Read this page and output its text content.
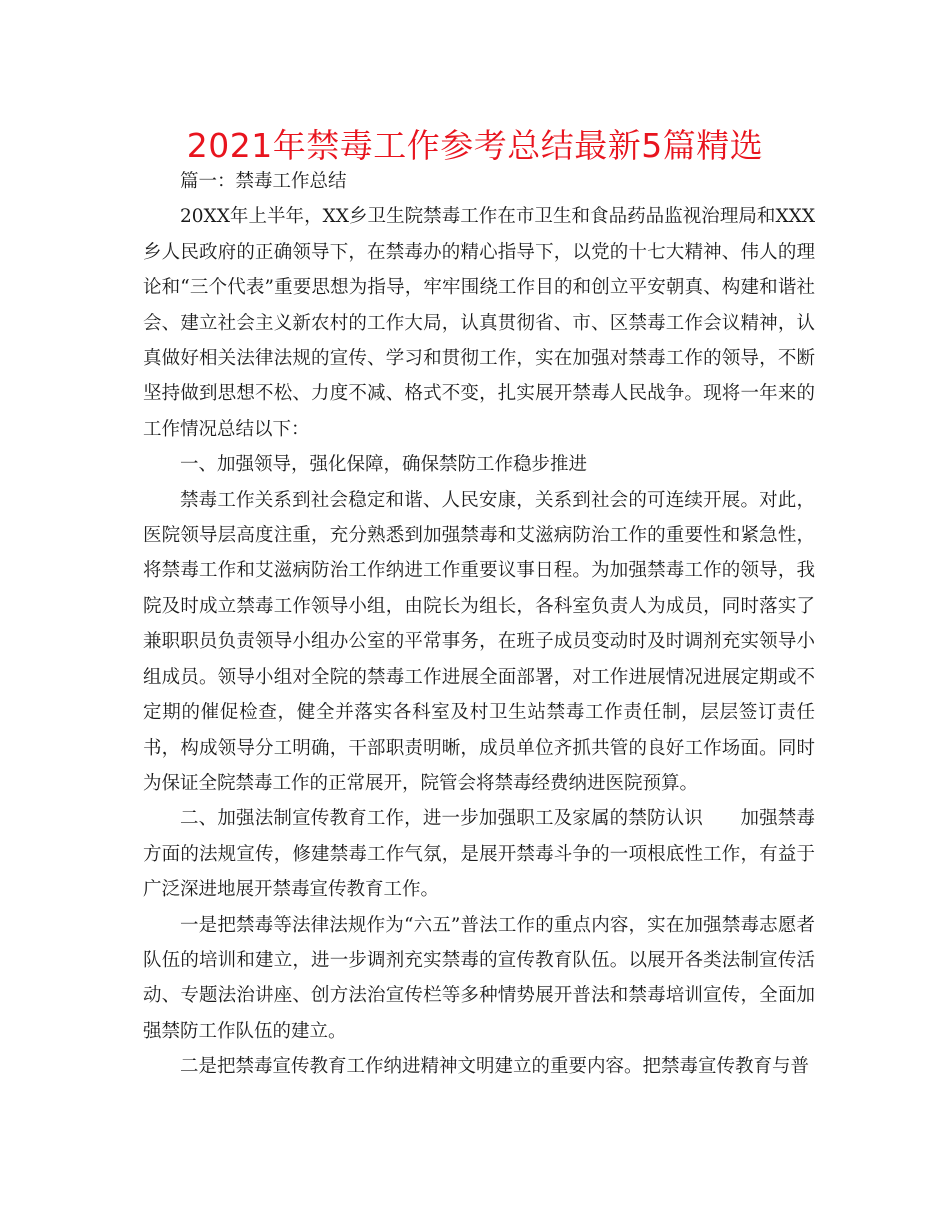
2021年禁毒工作参考总结最新5篇精选

篇一：禁毒工作总结

20XX年上半年，XX乡卫生院禁毒工作在市卫生和食品药品监视治理局和XXX乡人民政府的正确领导下，在禁毒办的精心指导下，以党的十七大精神、伟人的理论和“三个代表”重要思想为指导，牢牢围绕工作目的和创立平安朝真、构建和谐社会、建立社会主义新农村的工作大局，认真贯彻省、市、区禁毒工作会议精神，认真做好相关法律法规的宣传、学习和贯彻工作，实在加强对禁毒工作的领导，不断坚持做到思想不松、力度不减、格式不变，扎实展开禁毒人民战争。现将一年来的工作情况总结以下：

一、加强领导，强化保障，确保禁防工作稳步推进

禁毒工作关系到社会稳定和谐、人民安康，关系到社会的可连续开展。对此，医院领导层高度注重，充分熟悉到加强禁毒和艾滋病防治工作的重要性和紧急性，将禁毒工作和艾滋病防治工作纳进工作重要议事日程。为加强禁毒工作的领导，我院及时成立禁毒工作领导小组，由院长为组长，各科室负责人为成员，同时落实了兼职职员负责领导小组办公室的平常事务，在班子成员变动时及时调剂充实领导小组成员。领导小组对全院的禁毒工作进展全面部署，对工作进展情况进展定期或不定期的催促检查，健全并落实各科室及村卫生站禁毒工作责任制，层层签订责任书，构成领导分工明确，干部职责明晰，成员单位齐抓共管的良好工作场面。同时为保证全院禁毒工作的正常展开，院管会将禁毒经费纳进医院预算。

二、加强法制宣传教育工作，进一步加强职工及家属的禁防认识　　加强禁毒方面的法规宣传，修建禁毒工作气氛，是展开禁毒斗争的一项根底性工作，有益于广泛深进地展开禁毒宣传教育工作。

一是把禁毒等法律法规作为“六五”普法工作的重点内容，实在加强禁毒志愿者队伍的培训和建立，进一步调剂充实禁毒的宣传教育队伍。以展开各类法制宣传活动、专题法治讲座、创方法治宣传栏等多种情势展开普法和禁毒培训宣传，全面加强禁防工作队伍的建立。

二是把禁毒宣传教育工作纳进精神文明建立的重要内容。把禁毒宣传教育与普
